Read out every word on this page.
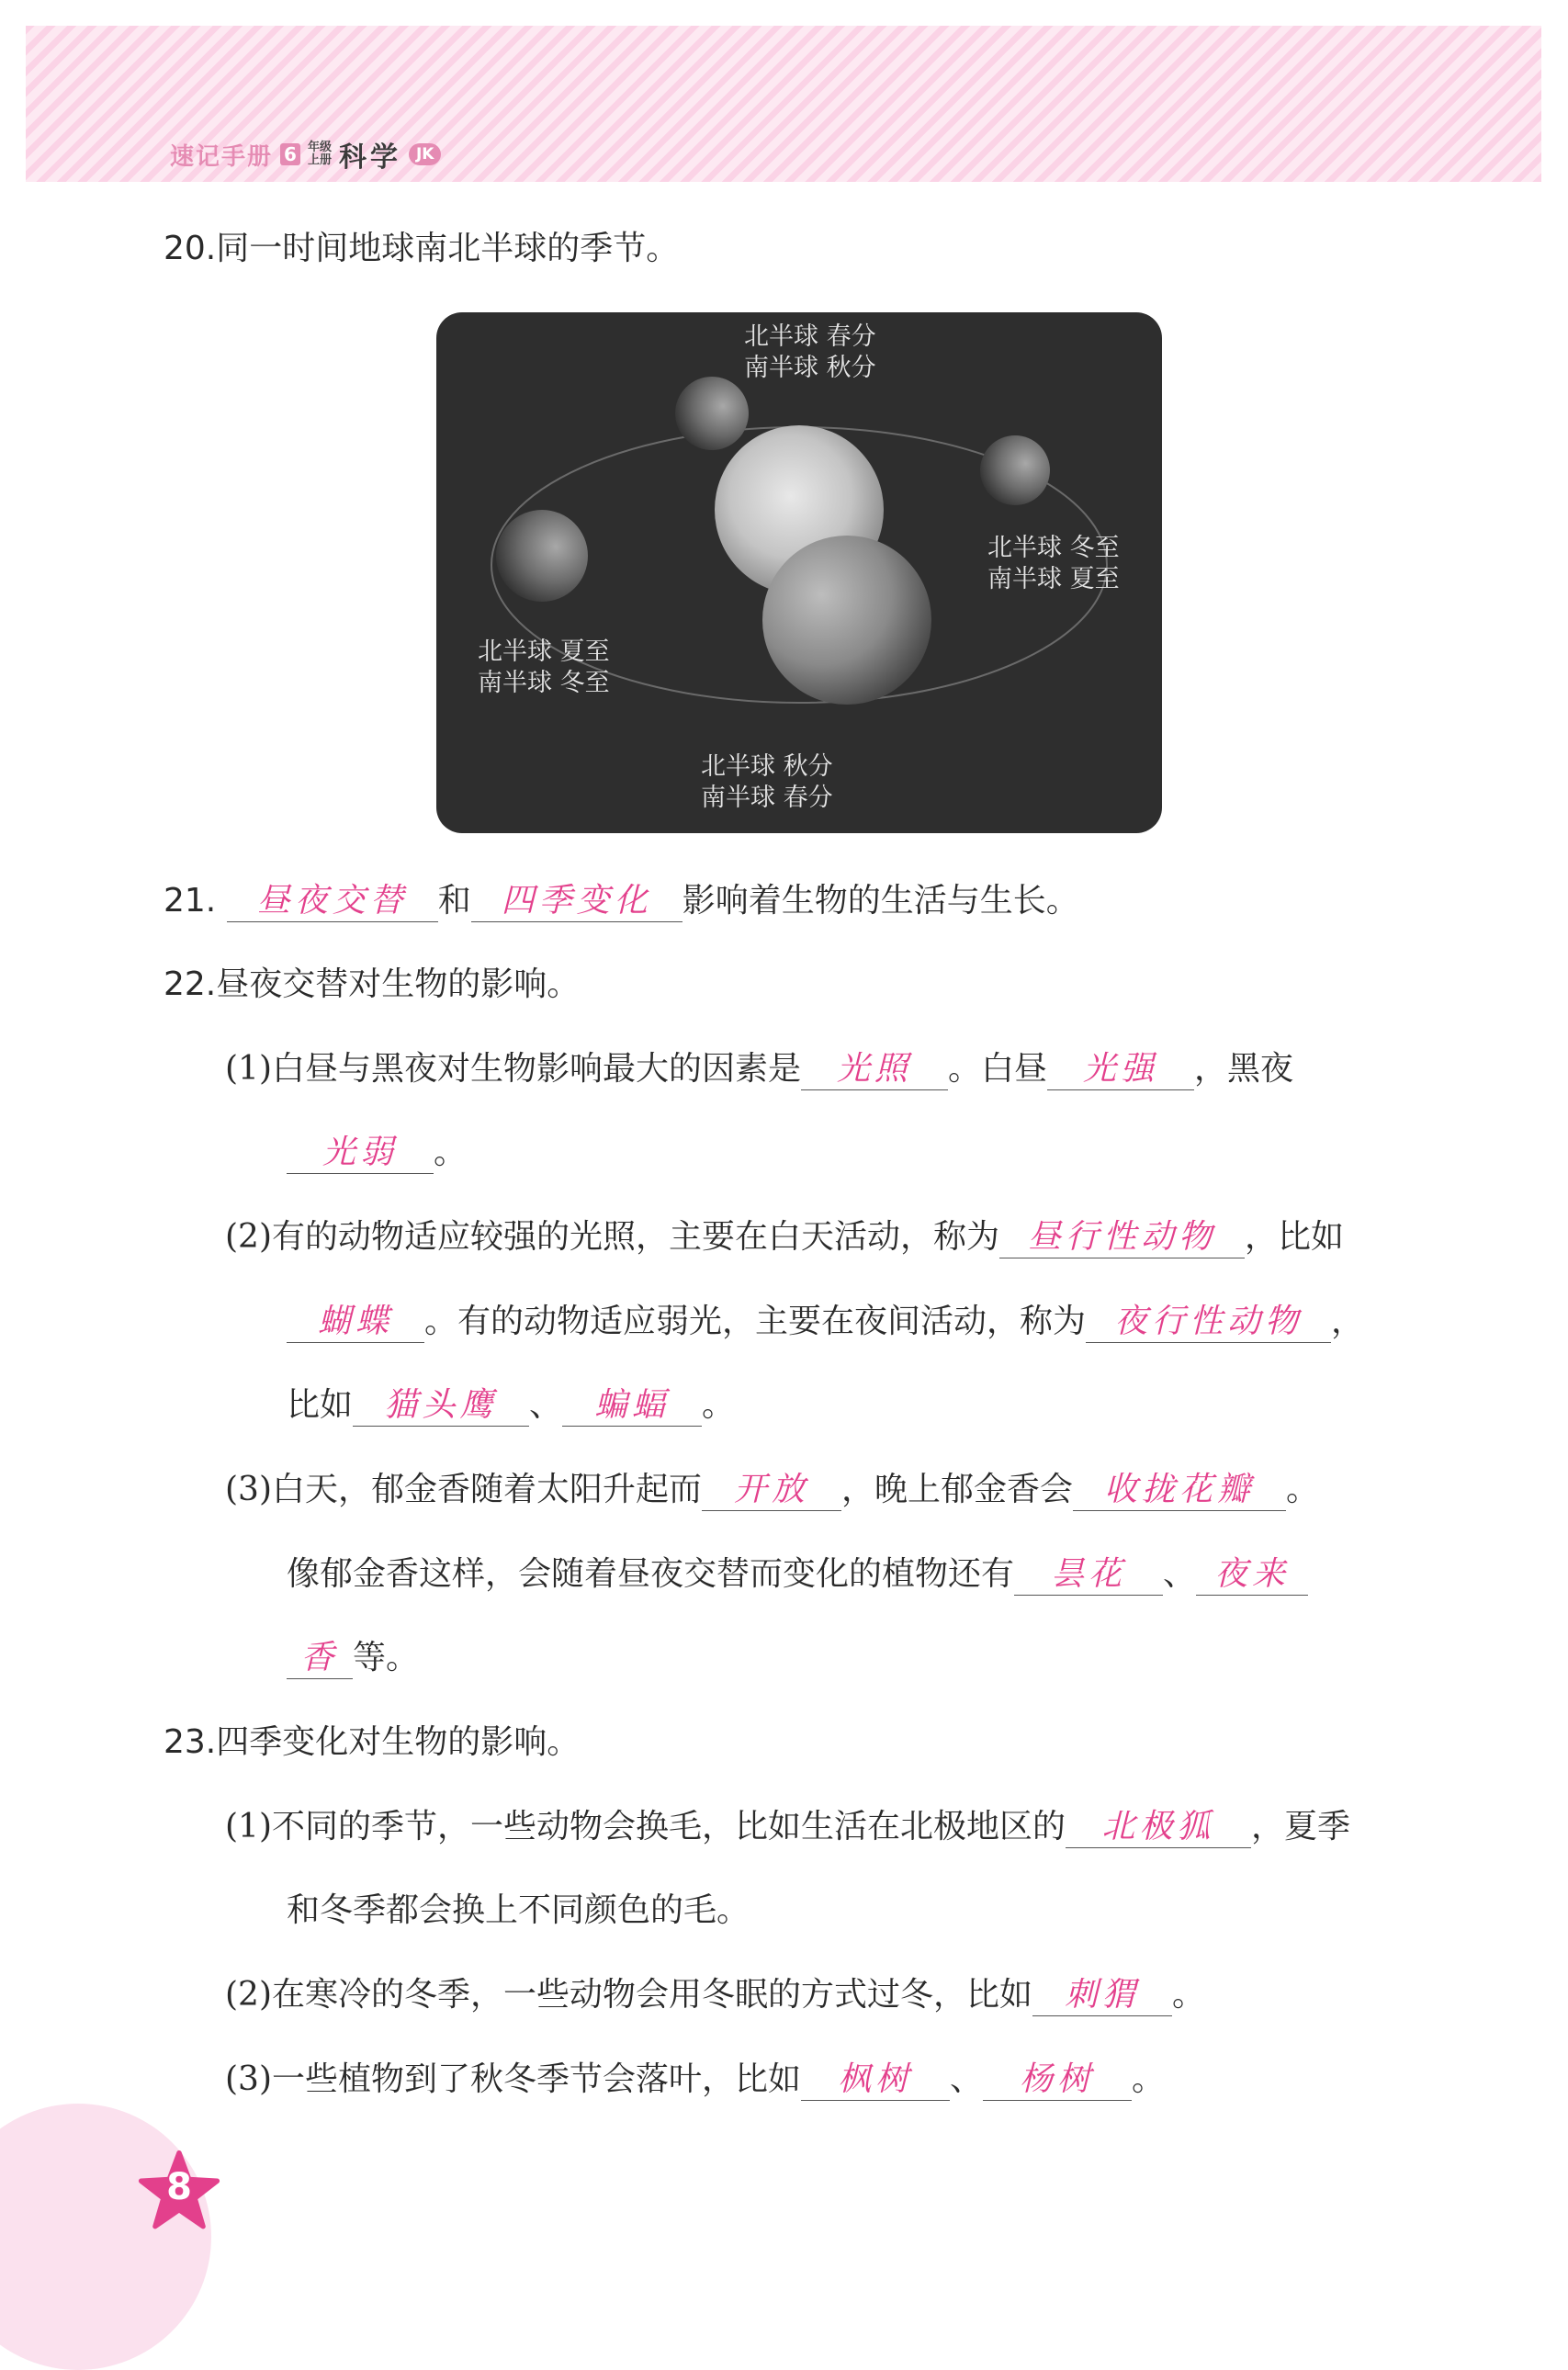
速记手册 6 年级
上册 科学 JK
20.同一时间地球南北半球的季节。
北半球 春分
南半球 秋分
北半球 冬至
南半球 夏至
北半球 夏至
南半球 冬至
北半球 秋分
南半球 春分
21. 昼夜交替 和 四季变化 影响着生物的生活与生长。
22.昼夜交替对生物的影响。
(1)白昼与黑夜对生物影响最大的因素是 光照 。白昼 光强 ，黑夜
光弱 。
(2)有的动物适应较强的光照，主要在白天活动，称为 昼行性动物 ，比如
蝴蝶 。有的动物适应弱光，主要在夜间活动，称为 夜行性动物 ，
比如 猫头鹰 、 蝙蝠 。
(3)白天，郁金香随着太阳升起而 开放 ，晚上郁金香会 收拢花瓣 。
像郁金香这样，会随着昼夜交替而变化的植物还有 昙花 、 夜来
香 等。
23.四季变化对生物的影响。
(1)不同的季节，一些动物会换毛，比如生活在北极地区的 北极狐 ，夏季
和冬季都会换上不同颜色的毛。
(2)在寒冷的冬季，一些动物会用冬眠的方式过冬，比如 刺猬 。
(3)一些植物到了秋冬季节会落叶，比如 枫树 、 杨树 。
8
